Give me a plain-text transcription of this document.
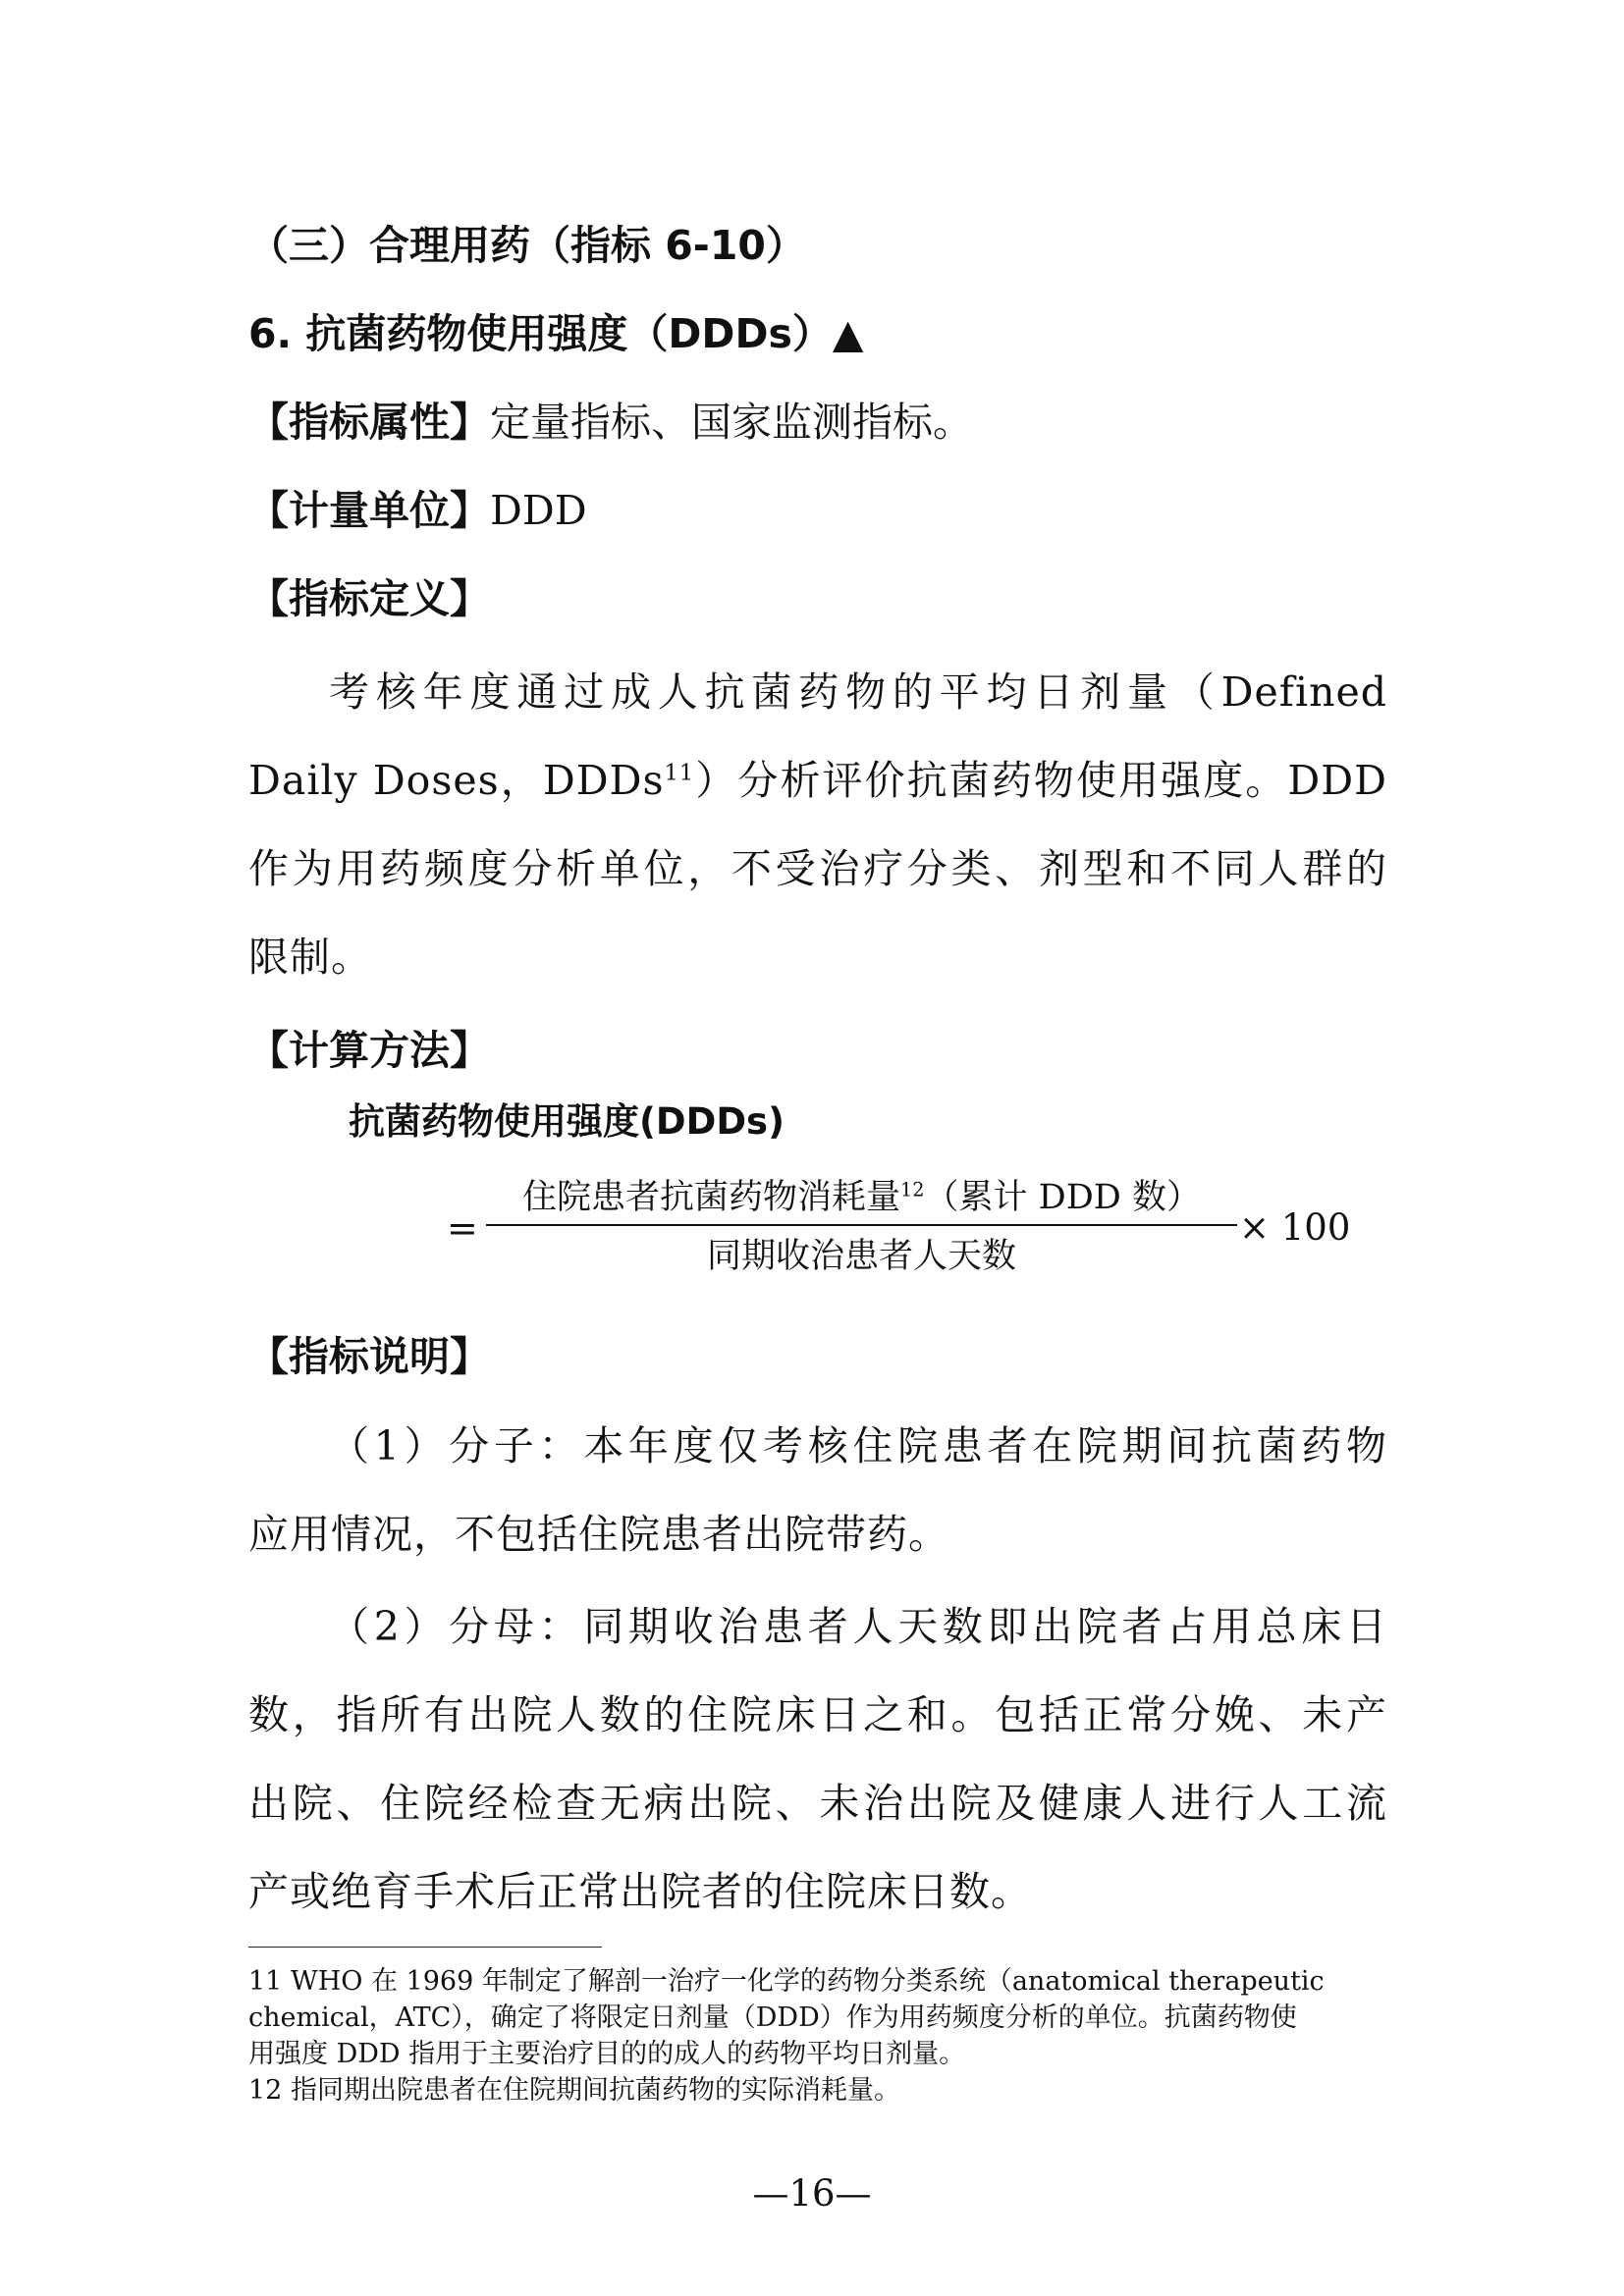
（三）合理用药（指标 6-10）
6. 抗菌药物使用强度（DDDs）▲
【指标属性】定量指标、国家监测指标。
【计量单位】DDD
【指标定义】
考核年度通过成人抗菌药物的平均日剂量（Defined
Daily Doses，DDDs$^{11}$）分析评价抗菌药物使用强度。DDD
作为用药频度分析单位，不受治疗分类、剂型和不同人群的
限制。
【计算方法】
抗菌药物使用强度(DDDs)
=
住院患者抗菌药物消耗量$^{12}$（累计 DDD 数）
同期收治患者人天数
× 100
【指标说明】
（1）分子：本年度仅考核住院患者在院期间抗菌药物
应用情况，不包括住院患者出院带药。
（2）分母：同期收治患者人天数即出院者占用总床日
数，指所有出院人数的住院床日之和。包括正常分娩、未产
出院、住院经检查无病出院、未治出院及健康人进行人工流
产或绝育手术后正常出院者的住院床日数。
11 WHO 在 1969 年制定了解剖一治疗一化学的药物分类系统（anatomical therapeutic
chemical，ATC），确定了将限定日剂量（DDD）作为用药频度分析的单位。抗菌药物使
用强度 DDD 指用于主要治疗目的的成人的药物平均日剂量。
12 指同期出院患者在住院期间抗菌药物的实际消耗量。
—16—
